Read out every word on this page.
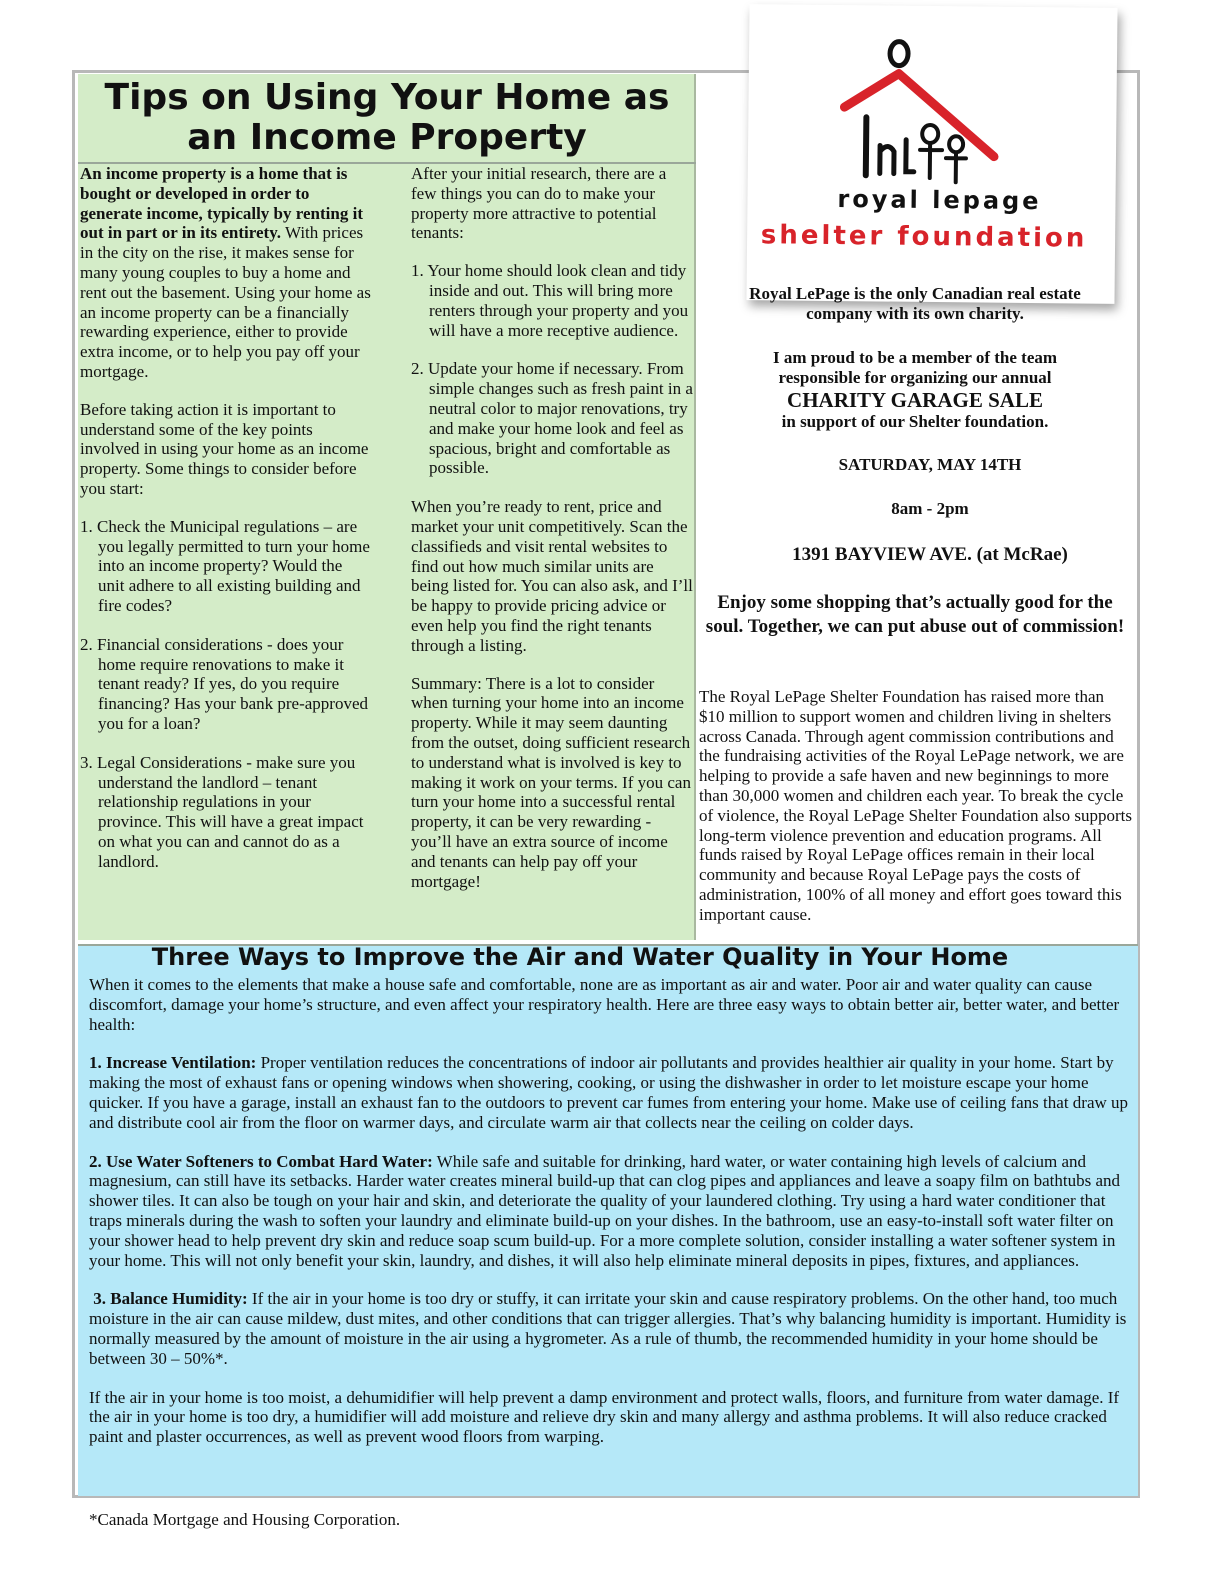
Tips on Using Your Home as an Income Property

An income property is a home that is bought or developed in order to generate income, typically by renting it out in part or in its entirety. With prices in the city on the rise, it makes sense for many young couples to buy a home and rent out the basement. Using your home as an income property can be a financially rewarding experience, either to provide extra income, or to help you pay off your mortgage.

Before taking action it is important to understand some of the key points involved in using your home as an income property. Some things to consider before you start:

1. Check the Municipal regulations – are you legally permitted to turn your home into an income property? Would the unit adhere to all existing building and fire codes?
2. Financial considerations - does your home require renovations to make it tenant ready? If yes, do you require financing? Has your bank pre-approved you for a loan?
3. Legal Considerations - make sure you understand the landlord – tenant relationship regulations in your province. This will have a great impact on what you can and cannot do as a landlord.

After your initial research, there are a few things you can do to make your property more attractive to potential tenants:

1. Your home should look clean and tidy inside and out. This will bring more renters through your property and you will have a more receptive audience.
2. Update your home if necessary. From simple changes such as fresh paint in a neutral color to major renovations, try and make your home look and feel as spacious, bright and comfortable as possible.

When you’re ready to rent, price and market your unit competitively. Scan the classifieds and visit rental websites to find out how much similar units are being listed for. You can also ask, and I’ll be happy to provide pricing advice or even help you find the right tenants through a listing.

Summary: There is a lot to consider when turning your home into an income property. While it may seem daunting from the outset, doing sufficient research to understand what is involved is key to making it work on your terms. If you can turn your home into a successful rental property, it can be very rewarding - you’ll have an extra source of income and tenants can help pay off your mortgage!

royal lepage
shelter foundation

Royal LePage is the only Canadian real estate company with its own charity.

I am proud to be a member of the team responsible for organizing our annual

CHARITY GARAGE SALE

in support of our Shelter foundation.

SATURDAY, MAY 14TH

8am - 2pm

1391 BAYVIEW AVE. (at McRae)

Enjoy some shopping that’s actually good for the soul. Together, we can put abuse out of commission!

The Royal LePage Shelter Foundation has raised more than $10 million to support women and children living in shelters across Canada. Through agent commission contributions and the fundraising activities of the Royal LePage network, we are helping to provide a safe haven and new beginnings to more than 30,000 women and children each year. To break the cycle of violence, the Royal LePage Shelter Foundation also supports long-term violence prevention and education programs. All funds raised by Royal LePage offices remain in their local community and because Royal LePage pays the costs of administration, 100% of all money and effort goes toward this important cause.
Three Ways to Improve the Air and Water Quality in Your Home

When it comes to the elements that make a house safe and comfortable, none are as important as air and water. Poor air and water quality can cause discomfort, damage your home’s structure, and even affect your respiratory health. Here are three easy ways to obtain better air, better water, and better health:

1. Increase Ventilation: Proper ventilation reduces the concentrations of indoor air pollutants and provides healthier air quality in your home. Start by making the most of exhaust fans or opening windows when showering, cooking, or using the dishwasher in order to let moisture escape your home quicker. If you have a garage, install an exhaust fan to the outdoors to prevent car fumes from entering your home. Make use of ceiling fans that draw up and distribute cool air from the floor on warmer days, and circulate warm air that collects near the ceiling on colder days.

2. Use Water Softeners to Combat Hard Water: While safe and suitable for drinking, hard water, or water containing high levels of calcium and magnesium, can still have its setbacks. Harder water creates mineral build-up that can clog pipes and appliances and leave a soapy film on bathtubs and shower tiles. It can also be tough on your hair and skin, and deteriorate the quality of your laundered clothing. Try using a hard water conditioner that traps minerals during the wash to soften your laundry and eliminate build-up on your dishes. In the bathroom, use an easy-to-install soft water filter on your shower head to help prevent dry skin and reduce soap scum build-up. For a more complete solution, consider installing a water softener system in your home. This will not only benefit your skin, laundry, and dishes, it will also help eliminate mineral deposits in pipes, fixtures, and appliances.

3. Balance Humidity: If the air in your home is too dry or stuffy, it can irritate your skin and cause respiratory problems. On the other hand, too much moisture in the air can cause mildew, dust mites, and other conditions that can trigger allergies. That’s why balancing humidity is important. Humidity is normally measured by the amount of moisture in the air using a hygrometer. As a rule of thumb, the recommended humidity in your home should be between 30 – 50%*.

If the air in your home is too moist, a dehumidifier will help prevent a damp environment and protect walls, floors, and furniture from water damage. If the air in your home is too dry, a humidifier will add moisture and relieve dry skin and many allergy and asthma problems. It will also reduce cracked paint and plaster occurrences, as well as prevent wood floors from warping.

*Canada Mortgage and Housing Corporation.
